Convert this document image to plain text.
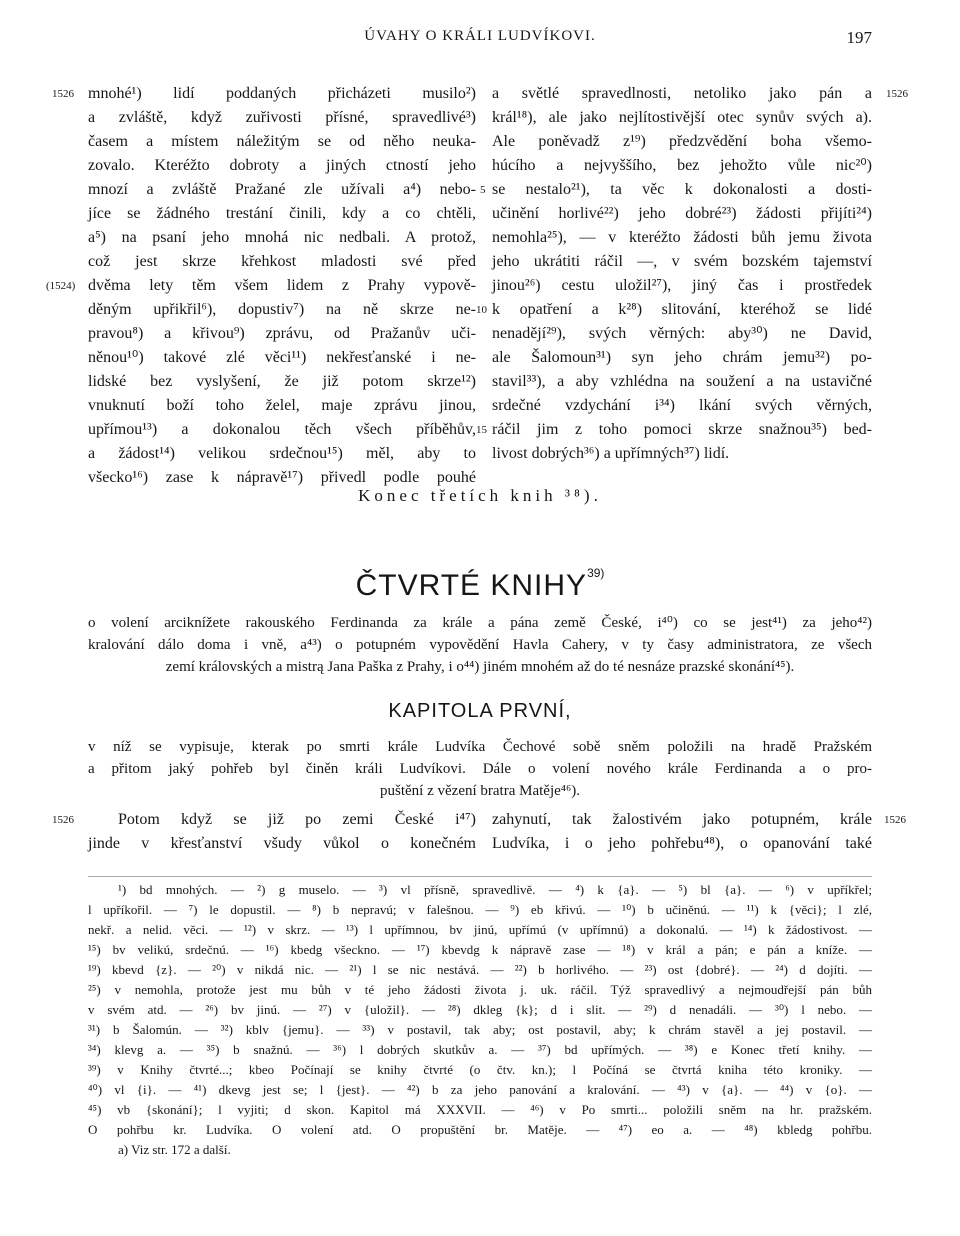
ÚVAHY O KRÁLI LUDVÍKOVI.	197
1526	1526
(1524)
5
10
15
1526	1526
mnohé¹) lidí poddaných přicházeti musilo²)
a zvláště, když zuřivosti přísné, spravedlivé³)
časem a místem náležitým se od něho neuka-
zovalo. Kteréžto dobroty a jiných ctností jeho
mnozí a zvláště Pražané zle užívali a⁴) nebo-
jíce se žádného trestání činili, kdy a co chtěli,
a⁵) na psaní jeho mnohá nic nedbali. A protož,
což jest skrze křehkost mladosti své před
dvěma lety těm všem lidem z Prahy vypově-
děným upřikřil⁶), dopustiv⁷) na ně skrze ne-
pravou⁸) a křivou⁹) zprávu, od Pražanův uči-
něnou¹⁰) takové zlé věci¹¹) nekřesťanské i ne-
lidské bez vyslyšení, že již potom skrze¹²)
vnuknutí boží toho želel, maje zprávu jinou,
upřímou¹³) a dokonalou těch všech příběhův,
a žádost¹⁴) velikou srdečnou¹⁵) měl, aby to
všecko¹⁶) zase k nápravě¹⁷) přivedl podle pouhé
a světlé spravedlnosti, netoliko jako pán a
král¹⁸), ale jako nejlítostivější otec synův svých a).
Ale poněvadž z¹⁹) předzvědění boha všemo-
húcího a nejvyššího, bez jehožto vůle nic²⁰)
se nestalo²¹), ta věc k dokonalosti a dosti-
učinění horlivé²²) jeho dobré²³) žádosti přijíti²⁴)
nemohla²⁵), — v kteréžto žádosti bůh jemu života
jeho ukrátiti ráčil —, v svém bozském tajemství
jinou²⁶) cestu uložil²⁷), jiný čas i prostředek
k opatření a k²⁸) slitování, kteréhož se lidé
nenadějí²⁹), svých věrných: aby³⁰) ne David,
ale Šalomoun³¹) syn jeho chrám jemu³²) po-
stavil³³), a aby vzhlédna na soužení a na ustavičné
srdečné vzdychání i³⁴) lkání svých věrných,
ráčil jim z toho pomoci skrze snažnou³⁵) bed-
livost dobrých³⁶) a upřímných³⁷) lidí.
Konec třetích knih ³⁸).
ČTVRTÉ KNIHY$^{39)}$
o volení arciknížete rakouského Ferdinanda za krále a pána země České, i⁴⁰) co se jest⁴¹) za jeho⁴²)
kralování dálo doma i vně, a⁴³) o potupném vypovědění Havla Cahery, v ty časy administratora, ze všech
zemí královských a mistrą Jana Paška z Prahy, i o⁴⁴) jiném mnohém až do té nesnáze prazské skonání⁴⁵).
KAPITOLA PRVNÍ,
v níž se vypisuje, kterak po smrti krále Ludvíka Čechové sobě sněm položili na hradě Pražském
a přitom jaký pohřeb byl činěn králi Ludvíkovi. Dále o volení nového krále Ferdinanda a o pro-
puštění z vězení bratra Matěje⁴⁶).
Potom když se již po zemi České i⁴⁷)
jinde v křesťanství všudy vůkol o konečném
zahynutí, tak žalostivém jako potupném, krále
Ludvíka, i o jeho pohřebu⁴⁸), o opanování také
¹) bd mnohých. — ²) g muselo. — ³) vl přísně, spravedlivě. — ⁴) k {a}. — ⁵) bl {a}. — ⁶) v upříkřel;
l upříkořil. — ⁷) le dopustil. — ⁸) b nepravú; v falešnou. — ⁹) eb křivú. — ¹⁰) b učiněnú. — ¹¹) k {věci}; l zlé,
nekř. a nelid. věci. — ¹²) v skrz. — ¹³) l upřímnou, bv jinú, upřímú (v upřímnú) a dokonalú. — ¹⁴) k žádostivost. —
¹⁵) bv velikú, srdečnú. — ¹⁶) kbedg všeckno. — ¹⁷) kbevdg k nápravě zase — ¹⁸) v král a pán; e pán a kníže. —
¹⁹) kbevd {z}. — ²⁰) v nikdá nic. — ²¹) l se nic nestává. — ²²) b horlivého. — ²³) ost {dobré}. — ²⁴) d dojíti. —
²⁵) v nemohla, protože jest mu bůh v té jeho žádosti života j. uk. ráčil. Týž spravedlivý a nejmoudřejší pán bůh
v svém atd. — ²⁶) bv jinú. — ²⁷) v {uložil}. — ²⁸) dkleg {k}; d i slit. — ²⁹) d nenadáli. — ³⁰) l nebo. —
³¹) b Šalomún. — ³²) kblv {jemu}. — ³³) v postavil, tak aby; ost postavil, aby; k chrám stavěl a jej postavil. —
³⁴) klevg a. — ³⁵) b snažnú. — ³⁶) l dobrých skutkův a. — ³⁷) bd upřímých. — ³⁸) e Konec třetí knihy. —
³⁹) v Knihy čtvrté...; kbeo Počínají se knihy čtvrté (o čtv. kn.); l Počíná se čtvrtá kniha této kroniky. —
⁴⁰) vl {i}. — ⁴¹) dkevg jest se; l {jest}. — ⁴²) b za jeho panování a kralování. — ⁴³) v {a}. — ⁴⁴) v {o}. —
⁴⁵) vb {skonání}; l vyjiti; d skon. Kapitol má XXXVII. — ⁴⁶) v Po smrti... položili sněm na hr. pražském.
O pohřbu kr. Ludvíka. O volení atd. O propuštění br. Matěje. — ⁴⁷) eo a. — ⁴⁸) kbledg pohřbu.
a) Viz str. 172 a další.
